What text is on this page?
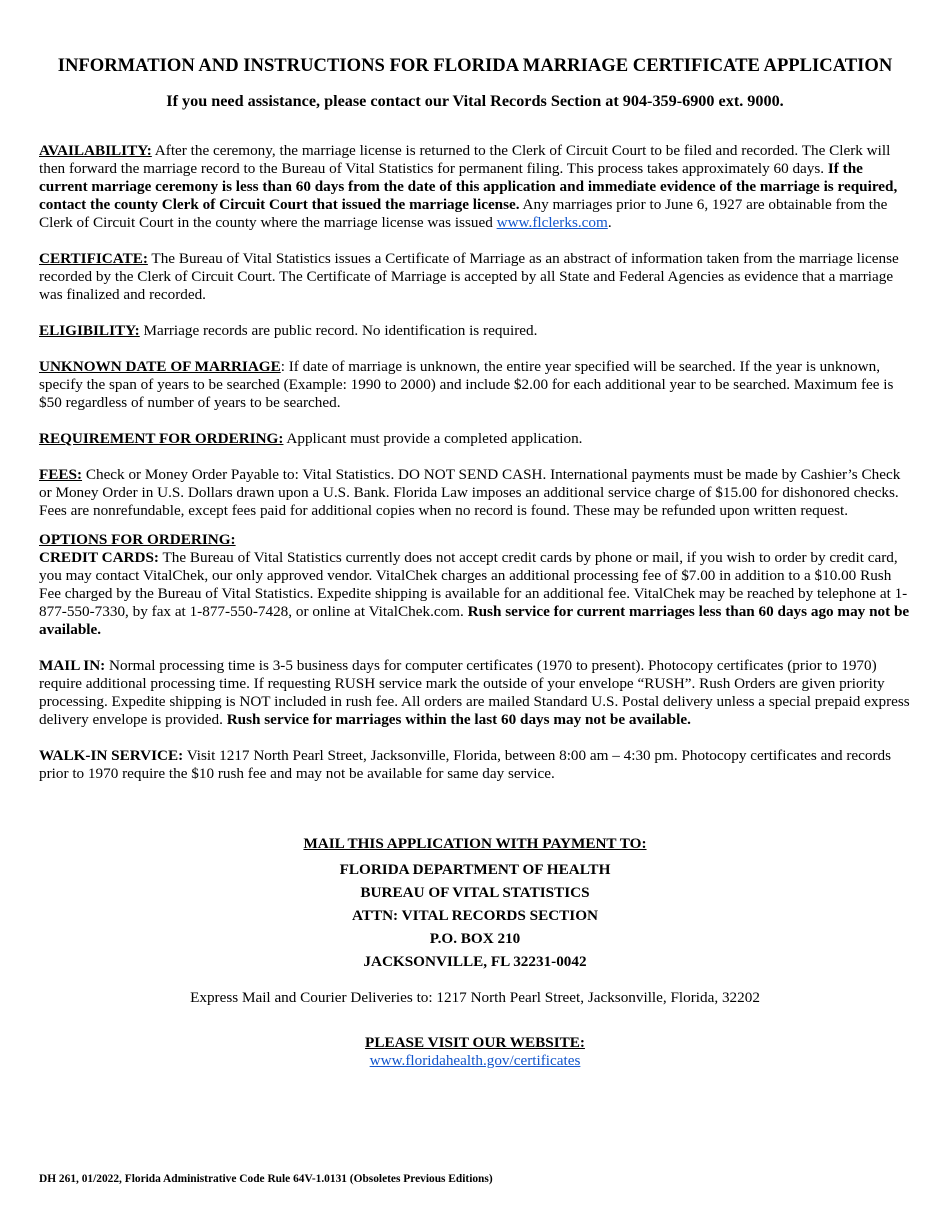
INFORMATION AND INSTRUCTIONS FOR FLORIDA MARRIAGE CERTIFICATE APPLICATION
If you need assistance, please contact our Vital Records Section at 904-359-6900 ext. 9000.

AVAILABILITY: After the ceremony, the marriage license is returned to the Clerk of Circuit Court to be filed and recorded. The Clerk will then forward the marriage record to the Bureau of Vital Statistics for permanent filing. This process takes approximately 60 days. If the current marriage ceremony is less than 60 days from the date of this application and immediate evidence of the marriage is required, contact the county Clerk of Circuit Court that issued the marriage license. Any marriages prior to June 6, 1927 are obtainable from the Clerk of Circuit Court in the county where the marriage license was issued www.flclerks.com.

CERTIFICATE: The Bureau of Vital Statistics issues a Certificate of Marriage as an abstract of information taken from the marriage license recorded by the Clerk of Circuit Court. The Certificate of Marriage is accepted by all State and Federal Agencies as evidence that a marriage was finalized and recorded.

ELIGIBILITY: Marriage records are public record. No identification is required.

UNKNOWN DATE OF MARRIAGE: If date of marriage is unknown, the entire year specified will be searched. If the year is unknown, specify the span of years to be searched (Example: 1990 to 2000) and include $2.00 for each additional year to be searched. Maximum fee is $50 regardless of number of years to be searched.

REQUIREMENT FOR ORDERING: Applicant must provide a completed application.

FEES: Check or Money Order Payable to: Vital Statistics. DO NOT SEND CASH. International payments must be made by Cashier’s Check or Money Order in U.S. Dollars drawn upon a U.S. Bank. Florida Law imposes an additional service charge of $15.00 for dishonored checks. Fees are nonrefundable, except fees paid for additional copies when no record is found. These may be refunded upon written request.

OPTIONS FOR ORDERING:

CREDIT CARDS: The Bureau of Vital Statistics currently does not accept credit cards by phone or mail, if you wish to order by credit card, you may contact VitalChek, our only approved vendor. VitalChek charges an additional processing fee of $7.00 in addition to a $10.00 Rush Fee charged by the Bureau of Vital Statistics. Expedite shipping is available for an additional fee. VitalChek may be reached by telephone at 1-877-550-7330, by fax at 1-877-550-7428, or online at VitalChek.com. Rush service for current marriages less than 60 days ago may not be available.

MAIL IN: Normal processing time is 3-5 business days for computer certificates (1970 to present). Photocopy certificates (prior to 1970) require additional processing time. If requesting RUSH service mark the outside of your envelope “RUSH”. Rush Orders are given priority processing. Expedite shipping is NOT included in rush fee. All orders are mailed Standard U.S. Postal delivery unless a special prepaid express delivery envelope is provided. Rush service for marriages within the last 60 days may not be available.

WALK-IN SERVICE: Visit 1217 North Pearl Street, Jacksonville, Florida, between 8:00 am – 4:30 pm. Photocopy certificates and records prior to 1970 require the $10 rush fee and may not be available for same day service.

MAIL THIS APPLICATION WITH PAYMENT TO:
FLORIDA DEPARTMENT OF HEALTH
BUREAU OF VITAL STATISTICS
ATTN: VITAL RECORDS SECTION
P.O. BOX 210
JACKSONVILLE, FL 32231-0042
Express Mail and Courier Deliveries to: 1217 North Pearl Street, Jacksonville, Florida, 32202
PLEASE VISIT OUR WEBSITE:
www.floridahealth.gov/certificates
DH 261, 01/2022, Florida Administrative Code Rule 64V-1.0131 (Obsoletes Previous Editions)
